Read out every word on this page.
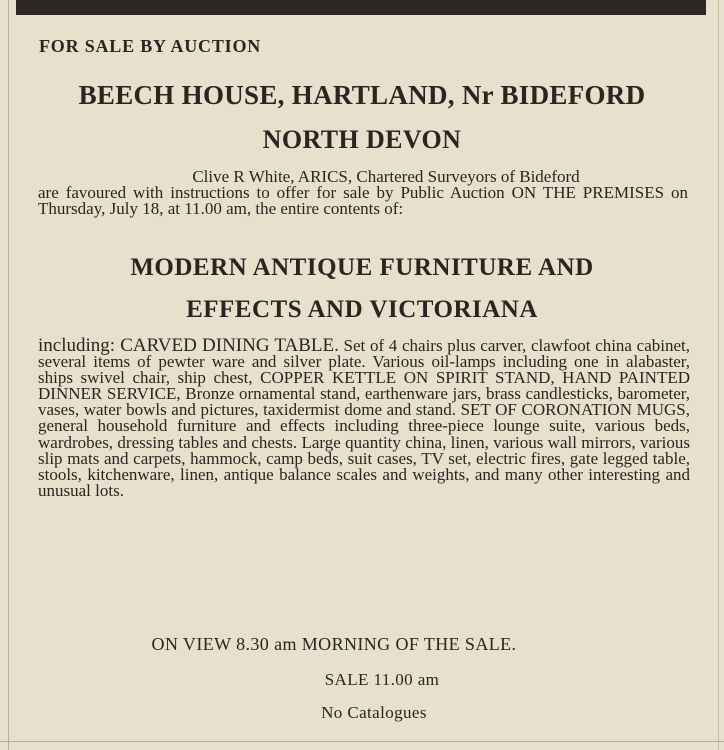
FOR SALE BY AUCTION
BEECH HOUSE, HARTLAND, Nr BIDEFORD
NORTH DEVON
Clive R White, ARICS, Chartered Surveyors of Bideford
are favoured with instructions to offer for sale by Public Auction ON THE PREMISES on Thursday, July 18, at 11.00 am, the entire contents of:
MODERN ANTIQUE FURNITURE AND
EFFECTS AND VICTORIANA
including: CARVED DINING TABLE. Set of 4 chairs plus carver, clawfoot china cabinet, several items of pewter ware and silver plate. Various oil-lamps including one in alabaster, ships swivel chair, ship chest, COPPER KETTLE ON SPIRIT STAND, HAND PAINTED DINNER SERVICE, Bronze ornamental stand, earthenware jars, brass candlesticks, barometer, vases, water bowls and pictures, taxidermist dome and stand. SET OF CORONATION MUGS, general household furniture and effects including three-piece lounge suite, various beds, wardrobes, dressing tables and chests. Large quantity china, linen, various wall mirrors, various slip mats and carpets, hammock, camp beds, suit cases, TV set, electric fires, gate legged table, stools, kitchenware, linen, antique balance scales and weights, and many other interesting and unusual lots.
ON VIEW 8.30 am MORNING OF THE SALE.
SALE 11.00 am
No Catalogues
